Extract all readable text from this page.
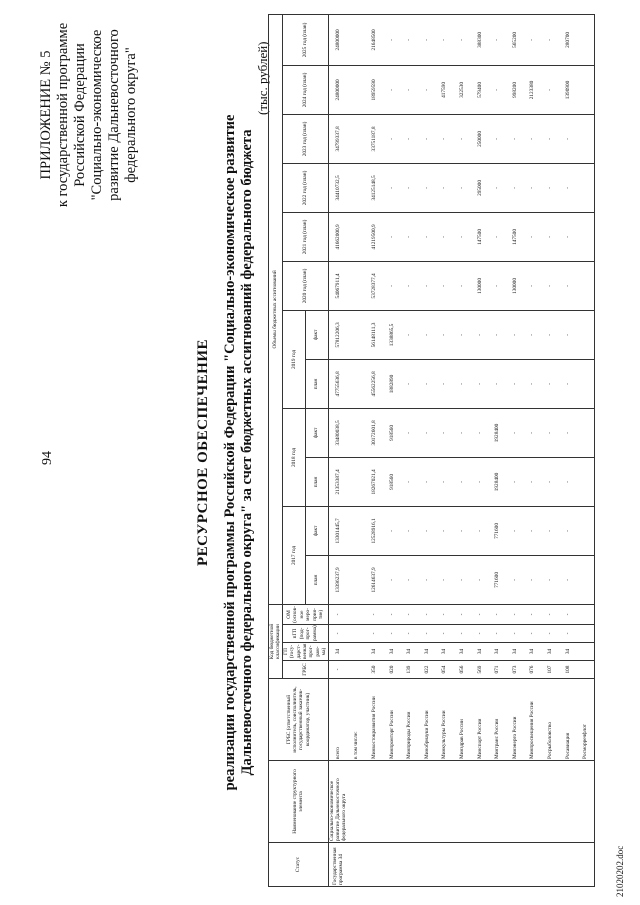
94
ПРИЛОЖЕНИЕ № 5 к государственной программе Российской Федерации "Социально-экономическое развитие Дальневосточного федерального округа"
РЕСУРСНОЕ ОБЕСПЕЧЕНИЕ реализации государственной программы Российской Федерации "Социально-экономическое развитие Дальневосточного федерального округа" за счет бюджетных ассигнований федерального бюджета
(тыс. рублей)
Статус	Наименование структурного элемента	ГРБС (ответственный исполнитель, соисполнитель, государственный заказчик-координатор, участник)	Код бюджетной классификации				Объемы бюджетных ассигнований											
			ГРБС	ГП (госу-дарст-венная прог-рам-ма)	пГП (под-прог-рамма)	ОМ (основ-ное меро-прия-тие)	2017 год		2018 год		2019 год		2020 год (план)	2021 год (план)	2022 год (план)	2023 год (план)	2024 год (план)	2025 год (план)
							план	факт	план	факт	план	факт						
Государственная программа 34	Социально-экономическое развитие Дальневосточного федерального округа	всего	-	34	-	-	13396237,9	13301445,7	21353387,4	33480038,5	47755636,8	57812206,3	54067911,4	41662000,9	34410732,5	34799337,8	24800000	24800000
		в том числе:																
		Минвостокразвития России	350	34	-	-	12614637,9	12528916,1	18267021,4	30172601,8	45562256,8	56148111,3	53728377,4	41219500,9	34125148,5	33751187,8	18959590	21648500
		Минпромторг России	020	34	-	-	-	-	918560	918560	1882890	1338865,5	-	-	-	-	-	-
		Минприроды России	139	34	-	-	-	-	-	-	-	-	-	-	-	-	-	-
		Минобрнауки России	022	34	-	-	-	-	-	-	-	-	-	-	-	-	-	-
		Минкультуры России	054	34	-	-	-	-	-	-	-	-	-	-	-	-	417590	-
		Минздрав России	056	34	-	-	-	-	-	-	-	-	-	-	-	-	322530	-
		Минспорт России	569	34	-	-	-	-	-	-	-	-	130000	147500	295000	250000	579400	388300
		Минтранс России	071	34	-	-	771600	771600	1928400	1928400	-	-	-	-	-	-	-	-
		Минэнерго России	073	34	-	-	-	-	-	-	-	-	130000	147500	-	-	998200	565200
		Минпросвещения России	076	34	-	-	-	-	-	-	-	-	-	-	-	-	2123380	-
		Росрыболовство	107	34	-	-	-	-	-	-	-	-	-	-	-	-	-	-
		Росавиация	108	34	-	-	-	-	-	-	-	-	-	-	-	-	1390900	280700
		Росморречфлот																
21020202.doc
